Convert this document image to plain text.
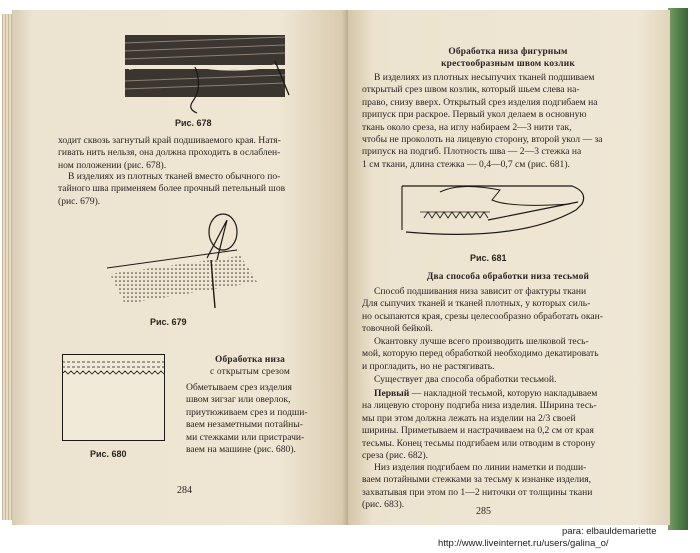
Рис. 678
ходит сквозь загнутый край подшиваемого края. Натя-
гивать нить нельзя, она должна проходить в ослаблен-
ном положении (рис. 678).
В изделиях из плотных тканей вместо обычного по-
тайного шва применяем более прочный петельный шов
(рис. 679).
Рис. 679
Рис. 680
Обработка низа
с открытым срезом
Обметываем срез изделия
швом зигзаг или оверлок,
приутюживаем срез и подши-
ваем незаметными потайны-
ми стежками или пристрачи-
ваем на машине (рис. 680).
284
Обработка низа фигурным
крестообразным швом козлик
В изделиях из плотных несыпучих тканей подшиваем
открытый срез швом козлик, который шьем слева на-
право, снизу вверх. Открытый срез изделия подгибаем на
припуск при раскрое. Первый укол делаем в основную
ткань около среза, на иглу набираем 2—3 нити так,
чтобы не проколоть на лицевую сторону, второй укол — за
припуск на подгиб. Плотность шва — 2—3 стежка на
1 см ткани, длина стежка — 0,4—0,7 см (рис. 681).
Рис. 681
Два способа обработки низа тесьмой
Способ подшивания низа зависит от фактуры ткани
Для сыпучих тканей и тканей плотных, у которых силь-
но осыпаются края, срезы целесообразно обработать окан-
товочной бейкой.
Окантовку лучше всего производить шелковой тесь-
мой, которую перед обработкой необходимо декатировать
и прогладить, но не растягивать.
Существует два способа обработки тесьмой.
Первый — накладной тесьмой, которую накладываем
на лицевую сторону подгиба низа изделия. Ширина тесь-
мы при этом должна лежать на изделии на 2/3 своей
ширины. Приметываем и настрачиваем на 0,2 см от края
тесьмы. Конец тесьмы подгибаем или отводим в сторону
среза (рис. 682).
Низ изделия подгибаем по линии наметки и подши-
ваем потайными стежками за тесьму к изнанке изделия,
захватывая при этом по 1—2 ниточки от толщины ткани
(рис. 683).
285
para: elbauldemariette
http://www.liveinternet.ru/users/galina_o/
